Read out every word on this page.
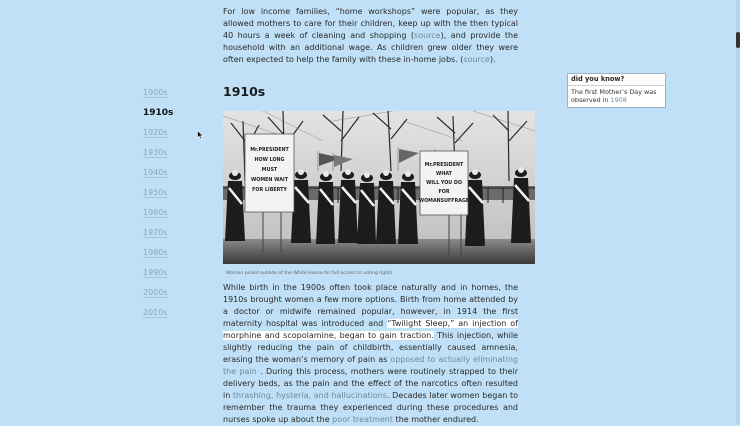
For low income families, “home workshops” were popular, as they allowed mothers to care for their children, keep up with the then typical 40 hours a week of cleaning and shopping (source), and provide the household with an additional wage. As children grew older they were often expected to help the family with these in-home jobs. (source).
1910s
1900s
1910s
1920s
1930s
1940s
1950s
1960s
1970s
1980s
1990s
2000s
2010s
Mr.PRESIDENT
HOW LONG
MUST
WOMEN WAIT
FOR LIBERTY
Mr.PRESIDENT
WHAT
WILL YOU DO
FOR
WOMANSUFFRAGE
Women picket outside of the White House for full access to voting rights
While birth in the 1900s often took place naturally and in homes, the 1910s brought women a few more options. Birth from home attended by a doctor or midwife remained popular, however, in 1914 the first maternity hospital was introduced and “Twilight Sleep,” an injection of morphine and scopolamine, began to gain traction. This injection, while slightly reducing the pain of childbirth, essentially caused amnesia, erasing the woman’s memory of pain as opposed to actually eliminating the pain . During this process, mothers were routinely strapped to their delivery beds, as the pain and the effect of the narcotics often resulted in thrashing, hysteria, and hallucinations. Decades later women began to remember the trauma they experienced during these procedures and nurses spoke up about the poor treatment the mother endured.
did you know?
The first Mother’s Day was observed in 1908
